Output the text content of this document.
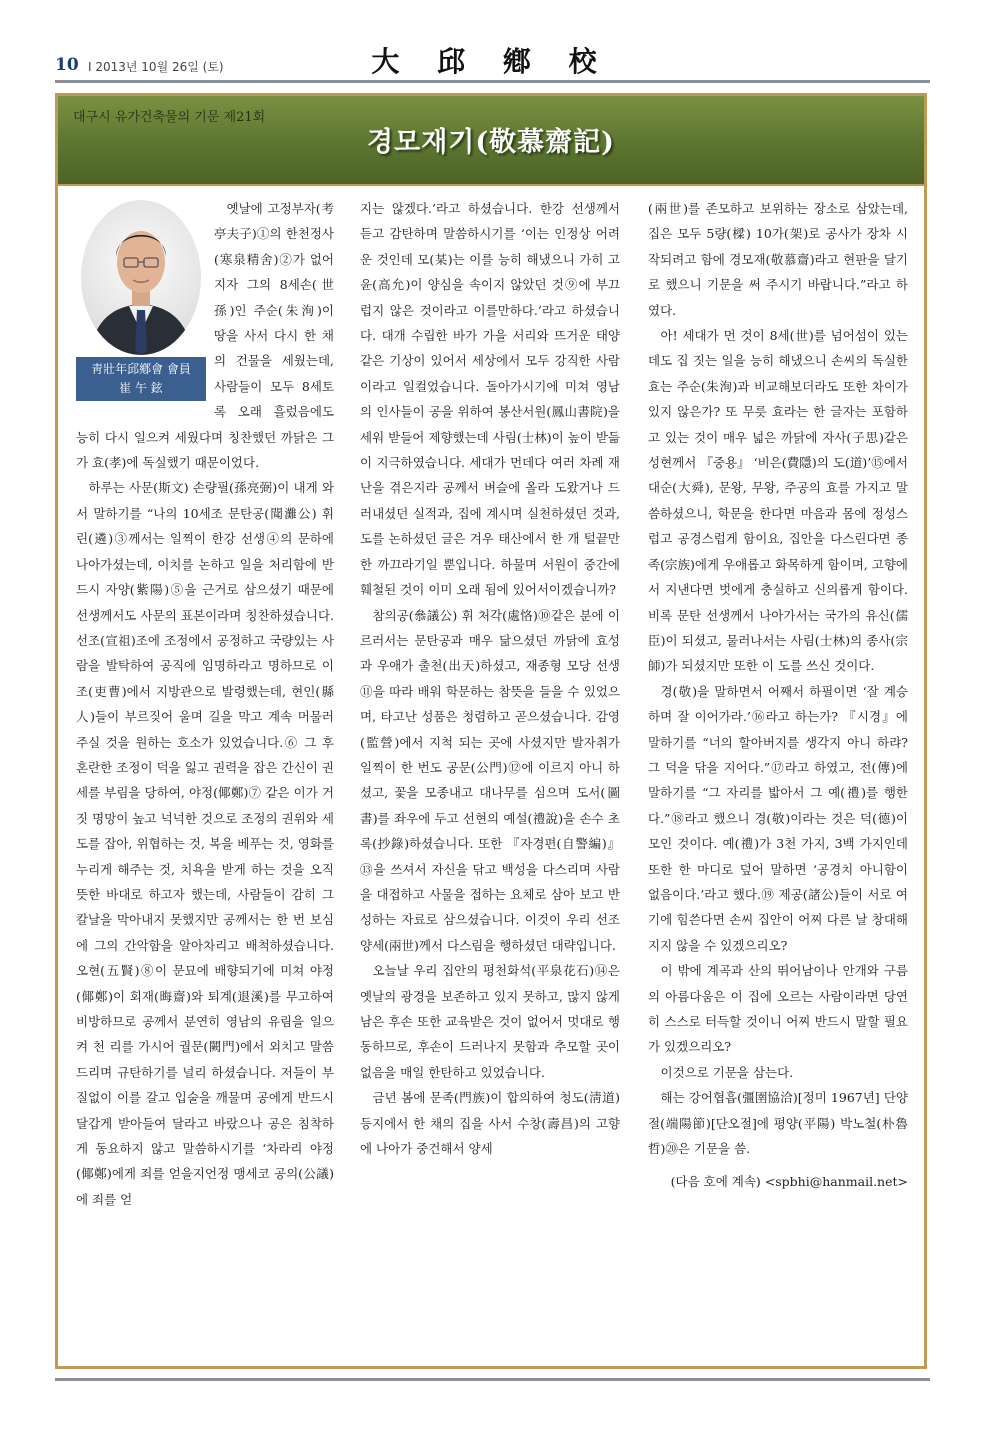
10 I 2013년 10월 26일 (토)	大 邱 鄕 校
대구시 유가건축물의 기문 제21회
경모재기(敬慕齋記)
靑壯年邱鄕會 會員
崔 午 鉉

옛날에 고정부자(考亭夫子)①의 한천정사(寒泉精舍)②가 없어지자 그의 8세손(世孫)인 주순(朱洵)이 땅을 사서 다시 한 채의 건물을 세웠는데, 사람들이 모두 8세토록 오래 흘렀음에도 능히 다시 일으켜 세웠다며 칭찬했던 까닭은 그가 효(孝)에 독실했기 때문이었다.

하루는 사문(斯文) 손량필(孫亮弼)이 내게 와서 말하기를 “나의 10세조 문탄공(聞灘公) 휘 린(遴)③께서는 일찍이 한강 선생④의 문하에 나아가셨는데, 이치를 논하고 일을 처리함에 반드시 자양(紫陽)⑤을 근거로 삼으셨기 때문에 선생께서도 사문의 표본이라며 칭찬하셨습니다. 선조(宣祖)조에 조정에서 공정하고 국량있는 사람을 발탁하여 공직에 임명하라고 명하므로 이조(吏曹)에서 지방관으로 발령했는데, 현인(縣人)들이 부르짖어 울며 길을 막고 계속 머물러 주실 것을 원하는 호소가 있었습니다.⑥ 그 후 혼란한 조정이 덕을 잃고 권력을 잡은 간신이 권세를 부림을 당하여, 야정(倻鄭)⑦ 같은 이가 거짓 명망이 높고 넉넉한 것으로 조정의 권위와 세도를 잡아, 위협하는 것, 복을 베푸는 것, 영화를 누리게 해주는 것, 치욕을 받게 하는 것을 오직 뜻한 바대로 하고자 했는데, 사람들이 감히 그 칼날을 막아내지 못했지만 공께서는 한 번 보심에 그의 간악함을 알아차리고 배척하셨습니다. 오현(五賢)⑧이 문묘에 배향되기에 미쳐 야정(倻鄭)이 회재(晦齋)와 퇴계(退溪)를 무고하여 비방하므로 공께서 분연히 영남의 유림을 일으켜 천 리를 가시어 궐문(闕門)에서 외치고 말씀드리며 규탄하기를 널리 하셨습니다. 저들이 부질없이 이를 갈고 입술을 깨물며 공에게 반드시 달갑게 받아들여 달라고 바랐으나 공은 침착하게 동요하지 않고 말씀하시기를 ‘차라리 야정(倻鄭)에게 죄를 얻을지언정 맹세코 공의(公議)에 죄를 얻

지는 않겠다.’라고 하셨습니다. 한강 선생께서 듣고 감탄하며 말씀하시기를 ‘이는 인정상 어려운 것인데 모(某)는 이를 능히 해냈으니 가히 고윤(高允)이 양심을 속이지 않았던 것⑨에 부끄럽지 않은 것이라고 이를만하다.’라고 하셨습니다. 대개 수립한 바가 가을 서리와 뜨거운 태양 같은 기상이 있어서 세상에서 모두 강직한 사람이라고 일컬었습니다. 돌아가시기에 미쳐 영남의 인사들이 공을 위하여 봉산서원(鳳山書院)을 세워 받들어 제향했는데 사림(士林)이 높이 받듦이 지극하였습니다. 세대가 먼데다 여러 차례 재난을 겪은지라 공께서 벼슬에 올라 도왔거나 드러내셨던 실적과, 집에 계시며 실천하셨던 것과, 도를 논하셨던 글은 겨우 태산에서 한 개 털끝만한 까끄라기일 뿐입니다. 하물며 서원이 중간에 훼철된 것이 이미 오래 됨에 있어서이겠습니까?

참의공(叅議公) 휘 처각(處恪)⑩같은 분에 이르러서는 문탄공과 매우 닮으셨던 까닭에 효성과 우애가 출천(出天)하셨고, 재종형 모당 선생⑪을 따라 배워 학문하는 참뜻을 들을 수 있었으며, 타고난 성품은 청렴하고 곧으셨습니다. 감영(監營)에서 지척 되는 곳에 사셨지만 발자취가 일찍이 한 번도 공문(公門)⑫에 이르지 아니 하셨고, 꽃을 모종내고 대나무를 심으며 도서(圖書)를 좌우에 두고 선현의 예설(禮說)을 손수 초록(抄錄)하셨습니다. 또한 『자경편(自警編)』⑬을 쓰셔서 자신을 닦고 백성을 다스리며 사람을 대접하고 사물을 접하는 요체로 삼아 보고 반성하는 자료로 삼으셨습니다. 이것이 우리 선조 양세(兩世)께서 다스림을 행하셨던 대략입니다.

오늘날 우리 집안의 평천화석(平泉花石)⑭은 옛날의 광경을 보존하고 있지 못하고, 많지 않게 남은 후손 또한 교육받은 것이 없어서 멋대로 행동하므로, 후손이 드러나지 못함과 추모할 곳이 없음을 매일 한탄하고 있었습니다.

금년 봄에 문족(門族)이 합의하여 청도(淸道) 등지에서 한 채의 집을 사서 수창(壽昌)의 고향에 나아가 중건해서 양세

(兩世)를 존모하고 보위하는 장소로 삼았는데, 집은 모두 5량(樑) 10가(架)로 공사가 장차 시작되려고 함에 경모재(敬慕齋)라고 현판을 달기로 했으니 기문을 써 주시기 바랍니다.”라고 하였다.

아! 세대가 먼 것이 8세(世)를 넘어섬이 있는데도 집 짓는 일을 능히 해냈으니 손씨의 독실한 효는 주순(朱洵)과 비교해보더라도 또한 차이가 있지 않은가? 또 무릇 효라는 한 글자는 포함하고 있는 것이 매우 넓은 까닭에 자사(子思)같은 성현께서 『중용』 ‘비은(費隱)의 도(道)’⑮에서 대순(大舜), 문왕, 무왕, 주공의 효를 가지고 말씀하셨으니, 학문을 한다면 마음과 몸에 정성스럽고 공경스럽게 함이요, 집안을 다스린다면 종족(宗族)에게 우애롭고 화목하게 함이며, 고향에서 지낸다면 벗에게 충실하고 신의롭게 함이다. 비록 문탄 선생께서 나아가서는 국가의 유신(儒臣)이 되셨고, 물러나서는 사림(士林)의 종사(宗師)가 되셨지만 또한 이 도를 쓰신 것이다.

경(敬)을 말하면서 어째서 하필이면 ‘잘 계승하며 잘 이어가라.’⑯라고 하는가? 『시경』에 말하기를 “너의 할아버지를 생각지 아니 하랴? 그 덕을 닦을 지어다.”⑰라고 하였고, 전(傳)에 말하기를 “그 자리를 밟아서 그 예(禮)를 행한다.”⑱라고 했으니 경(敬)이라는 것은 덕(德)이 모인 것이다. 예(禮)가 3천 가지, 3백 가지인데 또한 한 마디로 덮어 말하면 ‘공경치 아니함이 없음이다.’라고 했다.⑲ 제공(諸公)들이 서로 여기에 힘쓴다면 손씨 집안이 어찌 다른 날 창대해지지 않을 수 있겠으리오?

이 밖에 계곡과 산의 뛰어남이나 안개와 구름의 아름다움은 이 집에 오르는 사람이라면 당연히 스스로 터득할 것이니 어찌 반드시 말할 필요가 있겠으리오?

이것으로 기문을 삼는다.

해는 강어협흡(彊圉協洽)[정미 1967년] 단양절(端陽節)[단오절]에 평양(平陽) 박노철(朴魯哲)⑳은 기문을 씀.

(다음 호에 계속) <spbhi@hanmail.net>
